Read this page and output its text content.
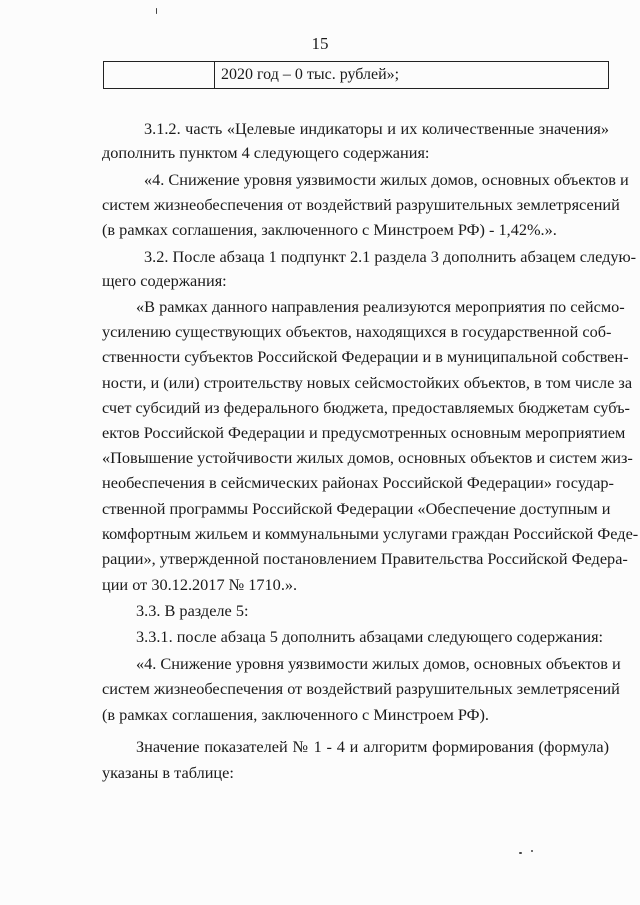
15
2020 год – 0 тыс. рублей»;
3.1.2. часть «Целевые индикаторы и их количественные значения»
дополнить пунктом 4 следующего содержания:
«4. Снижение уровня уязвимости жилых домов, основных объектов и
систем жизнеобеспечения от воздействий разрушительных землетрясений
(в рамках соглашения, заключенного с Минстроем РФ) - 1,42%.».
3.2. После абзаца 1 подпункт 2.1 раздела 3 дополнить абзацем следую-
щего содержания:
«В рамках данного направления реализуются мероприятия по сейсмо-
усилению существующих объектов, находящихся в государственной соб-
ственности субъектов Российской Федерации и в муниципальной собствен-
ности, и (или) строительству новых сейсмостойких объектов, в том числе за
счет субсидий из федерального бюджета, предоставляемых бюджетам субъ-
ектов Российской Федерации и предусмотренных основным мероприятием
«Повышение устойчивости жилых домов, основных объектов и систем жиз-
необеспечения в сейсмических районах Российской Федерации» государ-
ственной программы Российской Федерации «Обеспечение доступным и
комфортным жильем и коммунальными услугами граждан Российской Феде-
рации», утвержденной постановлением Правительства Российской Федера-
ции от 30.12.2017 № 1710.».
3.3. В разделе 5:
3.3.1. после абзаца 5 дополнить абзацами следующего содержания:
«4. Снижение уровня уязвимости жилых домов, основных объектов и
систем жизнеобеспечения от воздействий разрушительных землетрясений
(в рамках соглашения, заключенного с Минстроем РФ).
Значение показателей № 1 - 4 и алгоритм формирования (формула)
указаны в таблице:
